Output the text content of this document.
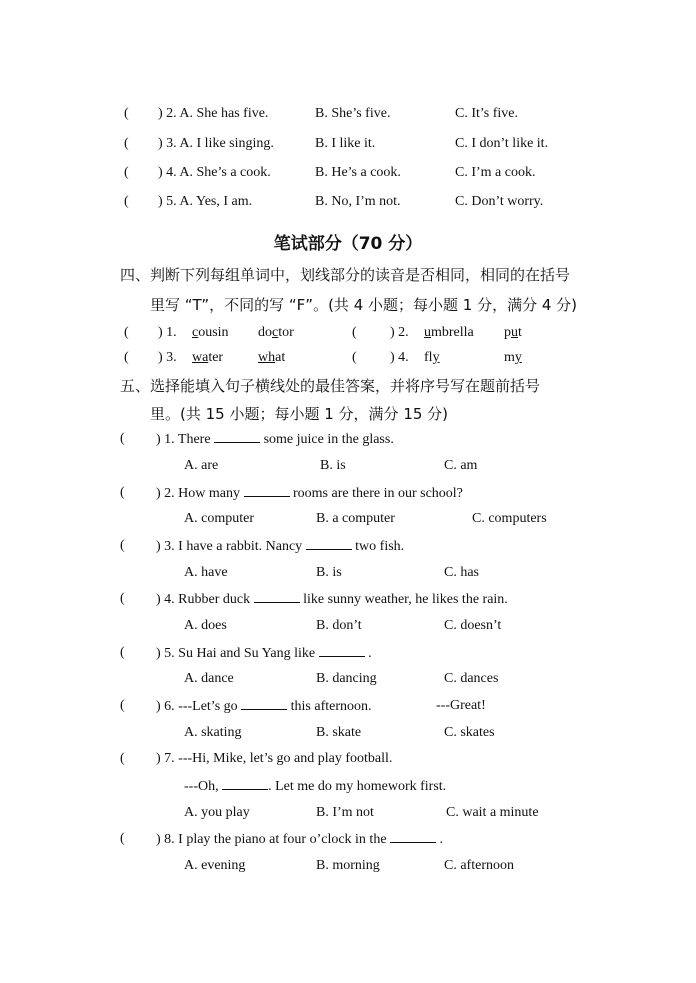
( ) 2. A. She has five.	B. She’s five.	C. It’s five.
( ) 3. A. I like singing.	B. I like it.	C. I don’t like it.
( ) 4. A. She’s a cook.	B. He’s a cook.	C. I’m a cook.
( ) 5. A. Yes, I am.	B. No, I’m not.	C. Don’t worry.
笔试部分（70 分）
四、判断下列每组单词中，划线部分的读音是否相同，相同的在括号
里写 “T”，不同的写 “F”。(共 4 小题；每小题 1 分，满分 4 分)
( ) 1. cousin doctor	( ) 2. umbrella put
( ) 3. water what	( ) 4. fly	my
五、选择能填入句子横线处的最佳答案，并将序号写在题前括号
里。(共 15 小题；每小题 1 分，满分 15 分)
( ) 1. There	some juice in the glass.
A. are	B. is	C. am
( ) 2. How many	rooms are there in our school?
A. computer	B. a computer	C. computers
( ) 3. I have a rabbit. Nancy	two fish.
A. have	B. is	C. has
( ) 4. Rubber duck	like sunny weather, he likes the rain.
A. does	B. don’t	C. doesn’t
( ) 5. Su Hai and Su Yang like	.
A. dance	B. dancing	C. dances
( ) 6. ---Let’s go	this afternoon.	---Great!
A. skating	B. skate	C. skates
( ) 7. ---Hi, Mike, let’s go and play football.
---Oh,	. Let me do my homework first.
A. you play	B. I’m not	C. wait a minute
( ) 8. I play the piano at four o’clock in the	.
A. evening	B. morning	C. afternoon
